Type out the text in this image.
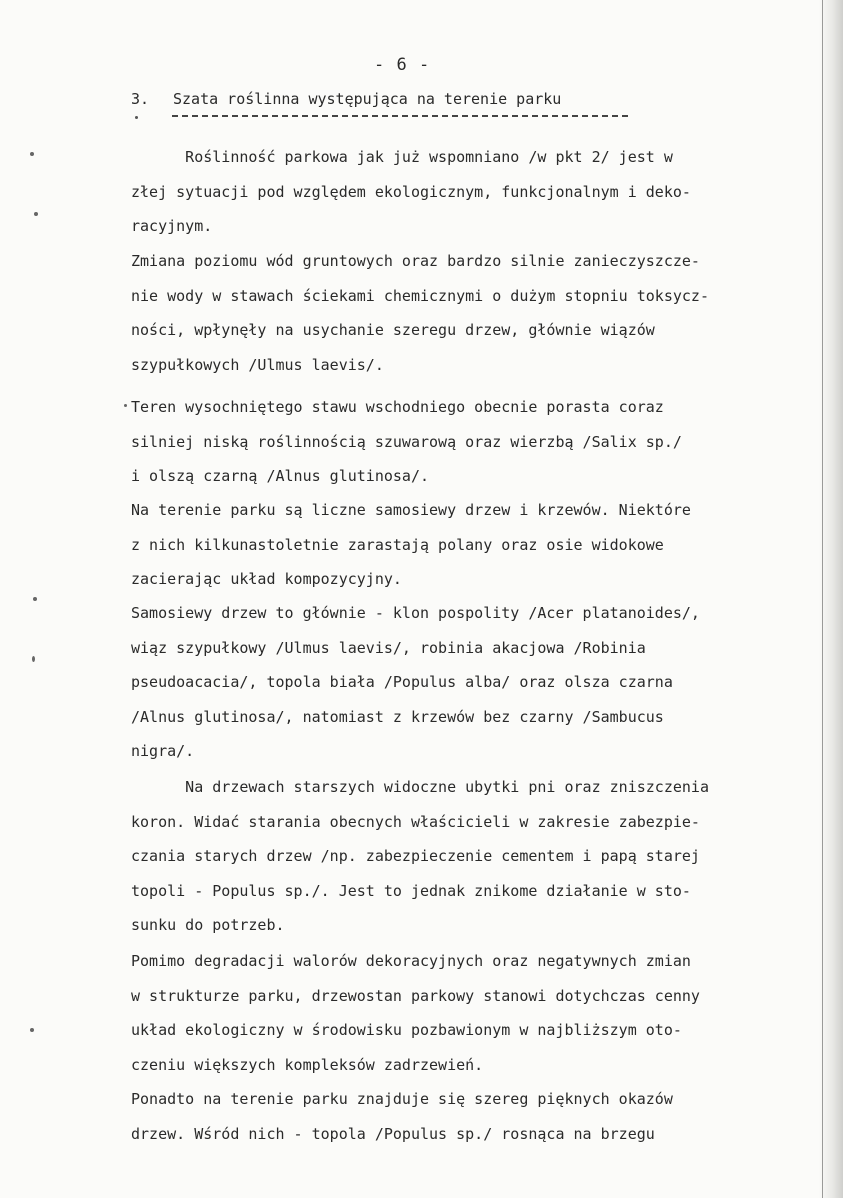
- 6 -
3. Szata roślinna występująca na terenie parku

Roślinność parkowa jak już wspomniano /w pkt 2/ jest w
złej sytuacji pod względem ekologicznym, funkcjonalnym i deko-
racyjnym.

Zmiana poziomu wód gruntowych oraz bardzo silnie zanieczyszcze-
nie wody w stawach ściekami chemicznymi o dużym stopniu toksycz-
ności, wpłynęły na usychanie szeregu drzew, głównie wiązów
szypułkowych /Ulmus laevis/.

Teren wysochniętego stawu wschodniego obecnie porasta coraz
silniej niską roślinnością szuwarową oraz wierzbą /Salix sp./
i olszą czarną /Alnus glutinosa/.

Na terenie parku są liczne samosiewy drzew i krzewów. Niektóre
z nich kilkunastoletnie zarastają polany oraz osie widokowe
zacierając układ kompozycyjny.

Samosiewy drzew to głównie - klon pospolity /Acer platanoides/,
wiąz szypułkowy /Ulmus laevis/, robinia akacjowa /Robinia
pseudoacacia/, topola biała /Populus alba/ oraz olsza czarna
/Alnus glutinosa/, natomiast z krzewów bez czarny /Sambucus
nigra/.

Na drzewach starszych widoczne ubytki pni oraz zniszczenia
koron. Widać starania obecnych właścicieli w zakresie zabezpie-
czania starych drzew /np. zabezpieczenie cementem i papą starej
topoli - Populus sp./. Jest to jednak znikome działanie w sto-
sunku do potrzeb.

Pomimo degradacji walorów dekoracyjnych oraz negatywnych zmian
w strukturze parku, drzewostan parkowy stanowi dotychczas cenny
układ ekologiczny w środowisku pozbawionym w najbliższym oto-
czeniu większych kompleksów zadrzewień.

Ponadto na terenie parku znajduje się szereg pięknych okazów
drzew. Wśród nich - topola /Populus sp./ rosnąca na brzegu
